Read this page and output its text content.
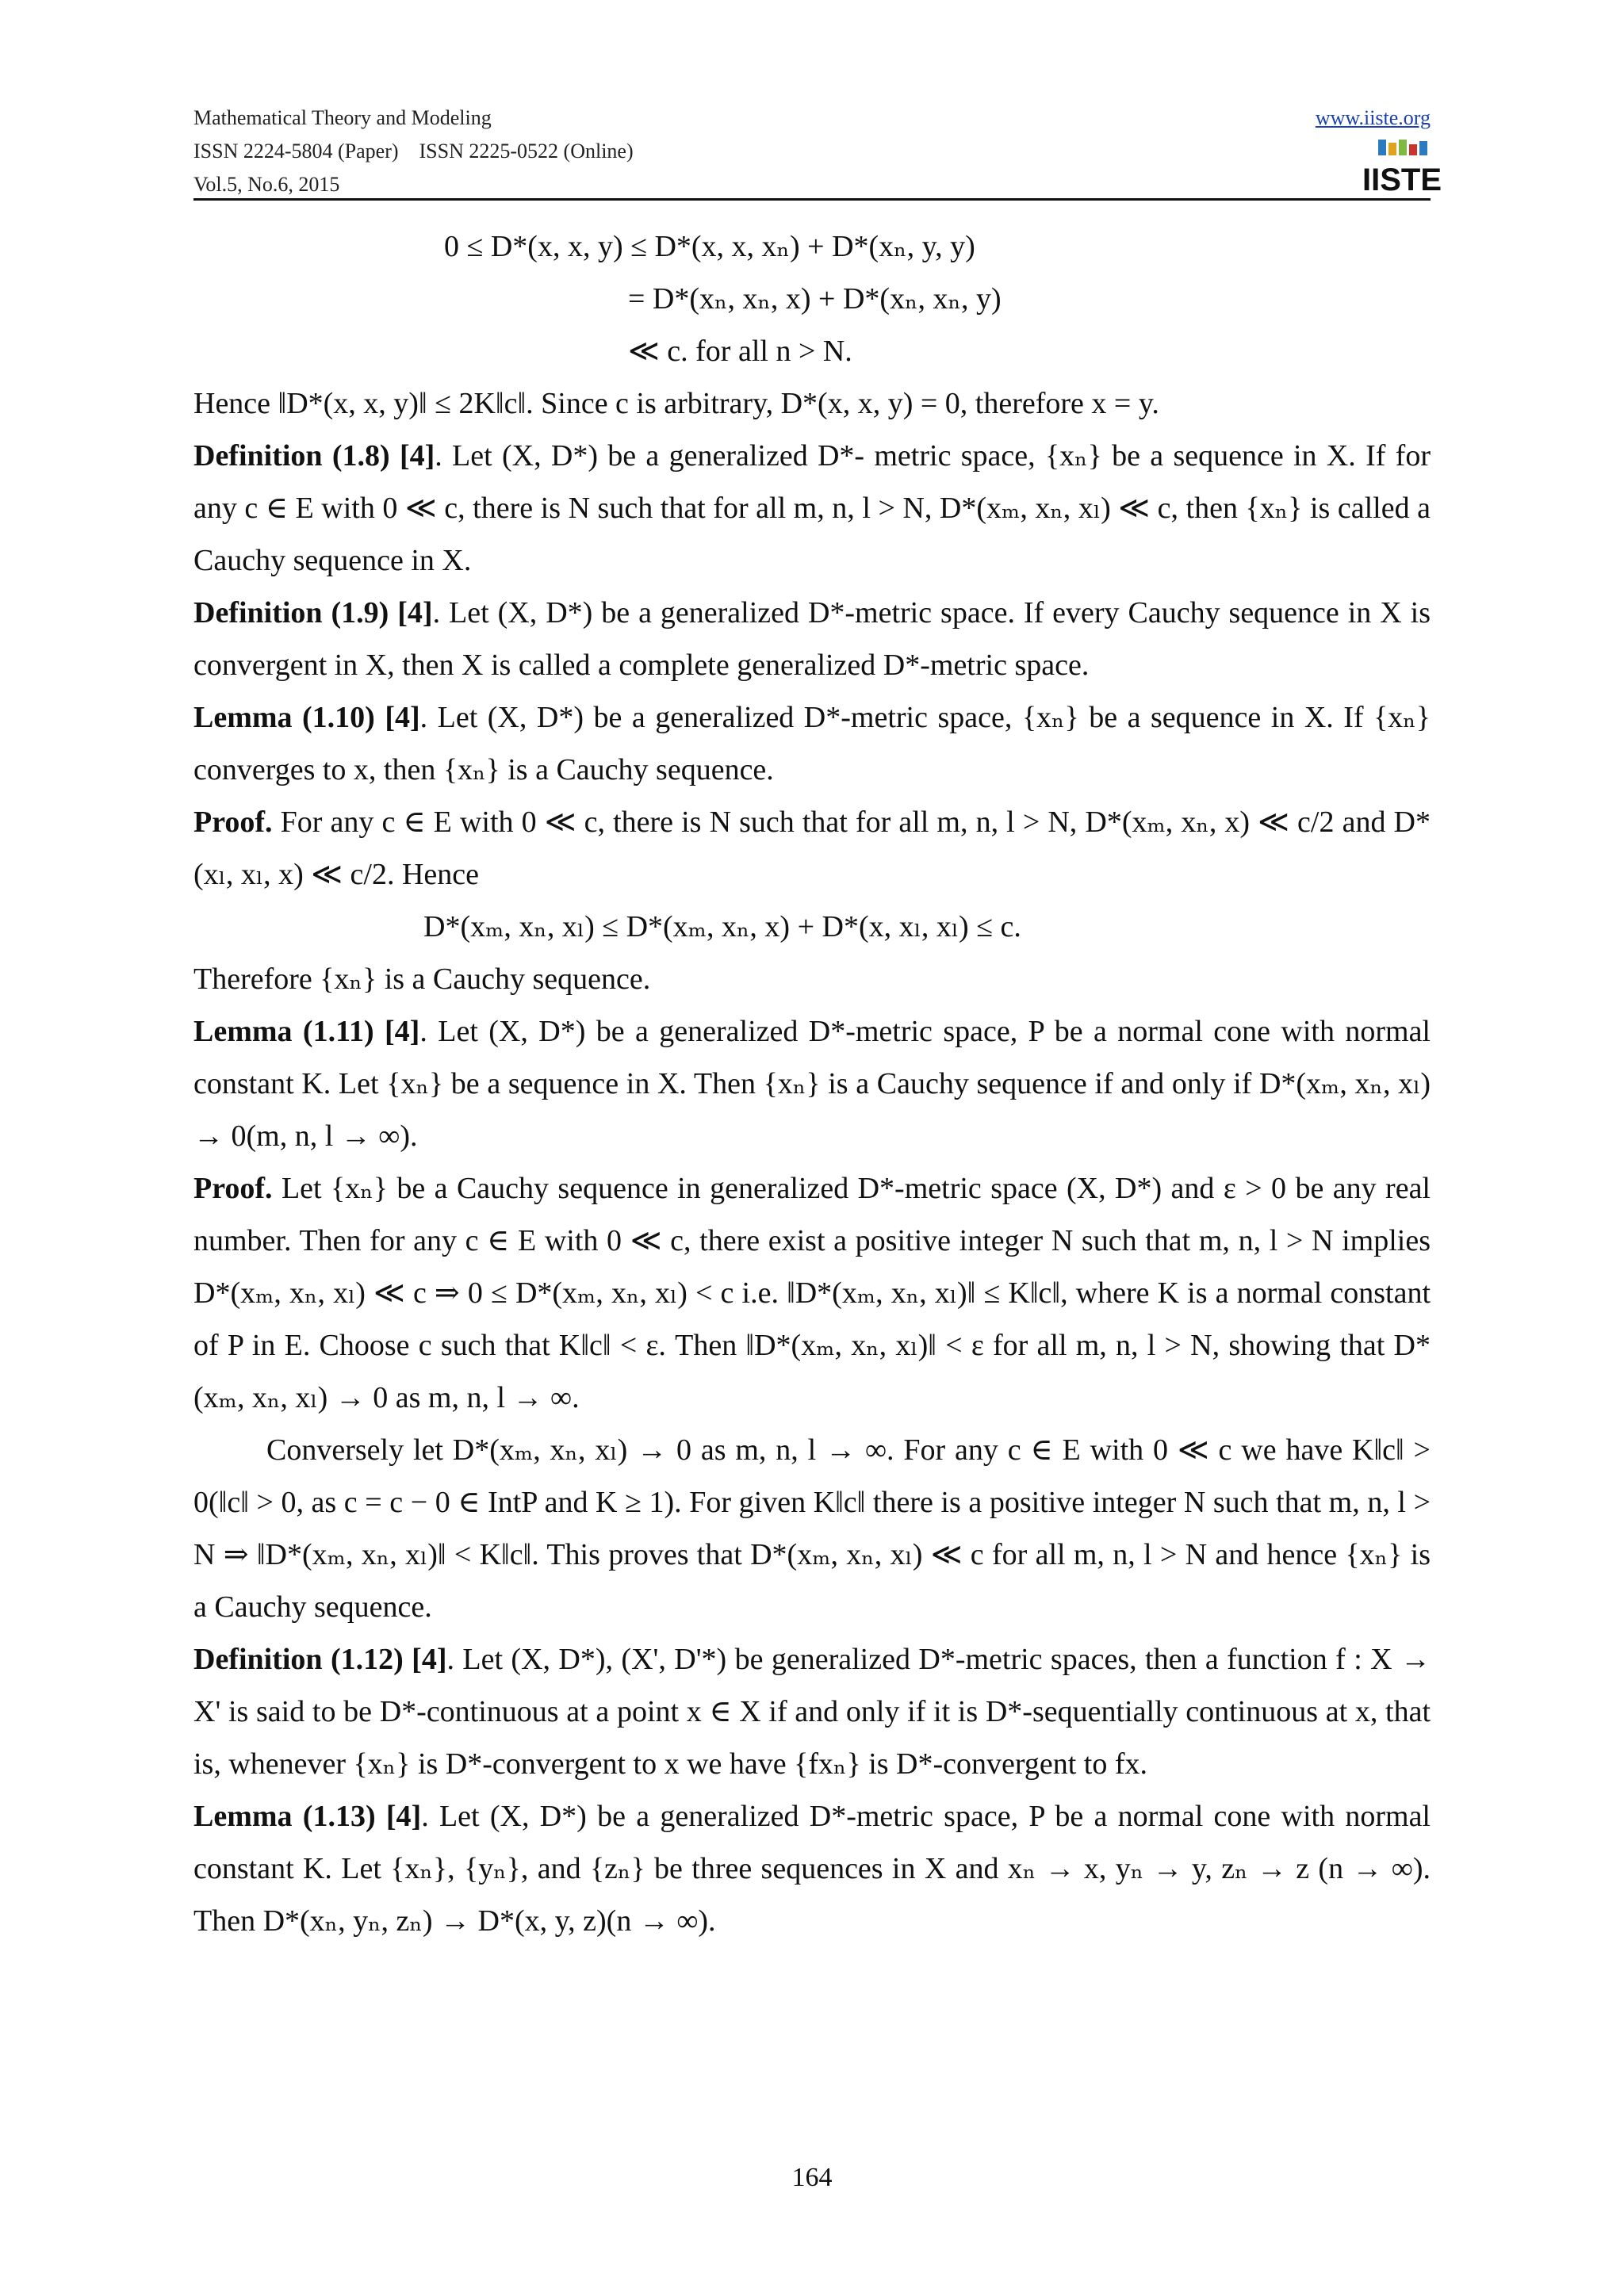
Mathematical Theory and Modeling
ISSN 2224-5804 (Paper)    ISSN 2225-0522 (Online)
Vol.5, No.6, 2015
www.iiste.org
IISTE

0 ≤ D*(x, x, y) ≤ D*(x, x, xₙ) + D*(xₙ, y, y)

= D*(xₙ, xₙ, x) + D*(xₙ, xₙ, y)

≪ c. for all n > N.

Hence ‖D*(x, x, y)‖ ≤ 2K‖c‖. Since c is arbitrary, D*(x, x, y) = 0, therefore x = y.

Definition (1.8) [4]. Let (X, D*) be a generalized D*- metric space, {xₙ} be a sequence in X. If for any c ∈ E with 0 ≪ c, there is N such that for all m, n, l > N, D*(xₘ, xₙ, xₗ) ≪ c, then {xₙ} is called a Cauchy sequence in X.

Definition (1.9) [4]. Let (X, D*) be a generalized D*-metric space. If every Cauchy sequence in X is convergent in X, then X is called a complete generalized D*-metric space.

Lemma (1.10) [4]. Let (X, D*) be a generalized D*-metric space, {xₙ} be a sequence in X. If {xₙ} converges to x, then {xₙ} is a Cauchy sequence.

Proof. For any c ∈ E with 0 ≪ c, there is N such that for all m, n, l > N, D*(xₘ, xₙ, x) ≪ c/2 and D*(xₗ, xₗ, x) ≪ c/2. Hence

D*(xₘ, xₙ, xₗ) ≤ D*(xₘ, xₙ, x) + D*(x, xₗ, xₗ) ≤ c.

Therefore {xₙ} is a Cauchy sequence.

Lemma (1.11) [4]. Let (X, D*) be a generalized D*-metric space, P be a normal cone with normal constant K. Let {xₙ} be a sequence in X. Then {xₙ} is a Cauchy sequence if and only if D*(xₘ, xₙ, xₗ) → 0(m, n, l → ∞).

Proof. Let {xₙ} be a Cauchy sequence in generalized D*-metric space (X, D*) and ε > 0 be any real number. Then for any c ∈ E with 0 ≪ c, there exist a positive integer N such that m, n, l > N implies D*(xₘ, xₙ, xₗ) ≪ c ⇒ 0 ≤ D*(xₘ, xₙ, xₗ) < c i.e. ‖D*(xₘ, xₙ, xₗ)‖ ≤ K‖c‖, where K is a normal constant of P in E. Choose c such that K‖c‖ < ε. Then ‖D*(xₘ, xₙ, xₗ)‖ < ε for all m, n, l > N, showing that D*(xₘ, xₙ, xₗ) → 0 as m, n, l → ∞.

Conversely let D*(xₘ, xₙ, xₗ) → 0 as m, n, l → ∞. For any c ∈ E with 0 ≪ c we have K‖c‖ > 0(‖c‖ > 0, as c = c − 0 ∈ IntP and K ≥ 1). For given K‖c‖ there is a positive integer N such that m, n, l > N ⇒ ‖D*(xₘ, xₙ, xₗ)‖ < K‖c‖. This proves that D*(xₘ, xₙ, xₗ) ≪ c for all m, n, l > N and hence {xₙ} is a Cauchy sequence.

Definition (1.12) [4]. Let (X, D*), (X', D'*) be generalized D*-metric spaces, then a function f : X → X' is said to be D*-continuous at a point x ∈ X if and only if it is D*-sequentially continuous at x, that is, whenever {xₙ} is D*-convergent to x we have {fxₙ} is D*-convergent to fx.

Lemma (1.13) [4]. Let (X, D*) be a generalized D*-metric space, P be a normal cone with normal constant K. Let {xₙ}, {yₙ}, and {zₙ} be three sequences in X and xₙ → x, yₙ → y, zₙ → z (n → ∞). Then D*(xₙ, yₙ, zₙ) → D*(x, y, z)(n → ∞).

164
